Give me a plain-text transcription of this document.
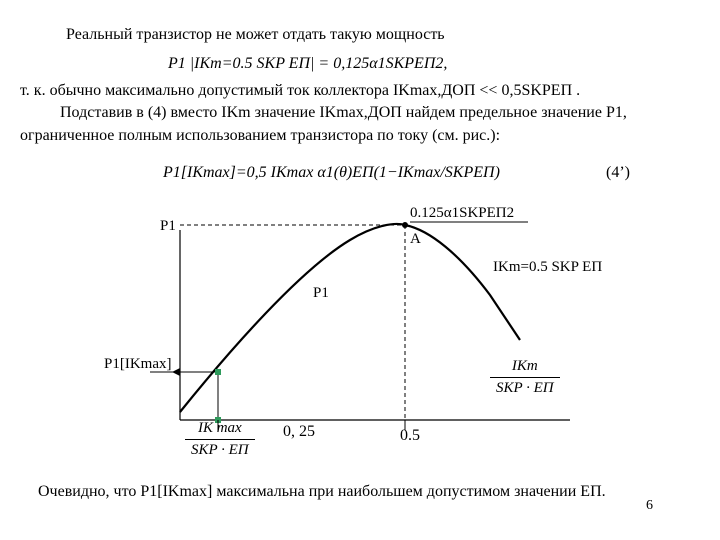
Реальный транзистор не может отдать такую мощность
P1 |IKm=0.5 SKP EП| = 0,125α1SKPEП2,
т. к. обычно максимально допустимый ток коллектора IKmax,ДОП << 0,5SKPEП .
Подставив в (4) вместо IKm значение IKmax,ДОП найдем предельное значение P1,
ограниченное полным использованием транзистора по току (см. рис.):
P1[IKmax]=0,5 IKmax α1(θ)EП(1−IKmax/SKPEП)	(4’)
P1
0.125α1SKPEП2
A
IKm=0.5 SKP EП
P1
P1[IKmax]	IKm
SKP · EП
IK max
SKP · EП
0, 25	0.5
Очевидно, что P1[IKmax] максимальна при наибольшем допустимом значении EП.
6
